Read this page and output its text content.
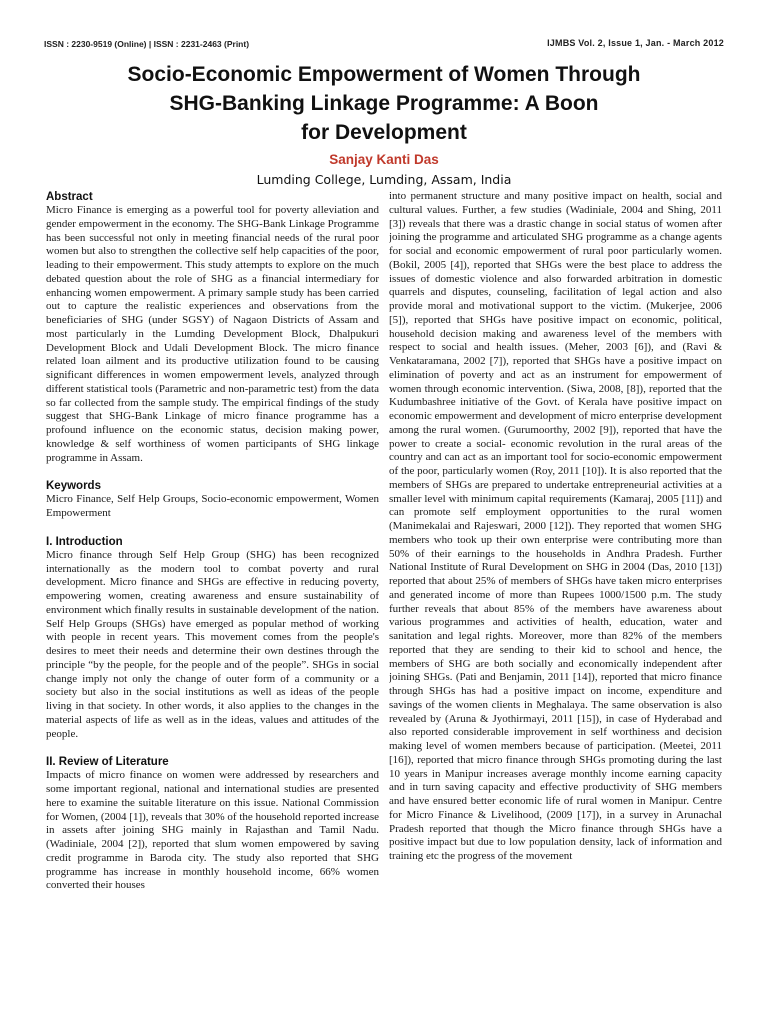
ISSN : 2230-9519 (Online) | ISSN : 2231-2463 (Print)	IJMBS Vol. 2, Issue 1, Jan. - March 2012
Socio-Economic Empowerment of Women Through
SHG-Banking Linkage Programme: A Boon
for Development
Sanjay Kanti Das
Lumding College, Lumding, Assam, India
Abstract

Micro Finance is emerging as a powerful tool for poverty alleviation and gender empowerment in the economy. The SHG-Bank Linkage Programme has been successful not only in meeting financial needs of the rural poor women but also to strengthen the collective self help capacities of the poor, leading to their empowerment. This study attempts to explore on the much debated question about the role of SHG as a financial intermediary for enhancing women empowerment. A primary sample study has been carried out to capture the realistic experiences and observations from the beneficiaries of SHG (under SGSY) of Nagaon Districts of Assam and most particularly in the Lumding Development Block, Dhalpukuri Development Block and Udali Development Block. The micro finance related loan ailment and its productive utilization found to be causing significant differences in women empowerment levels, analyzed through different statistical tools (Parametric and non-parametric test) from the data so far collected from the sample study. The empirical findings of the study suggest that SHG-Bank Linkage of micro finance programme has a profound influence on the economic status, decision making power, knowledge & self worthiness of women participants of SHG linkage programme in Assam.

Keywords

Micro Finance, Self Help Groups, Socio-economic empowerment, Women Empowerment

I. Introduction

Micro finance through Self Help Group (SHG) has been recognized internationally as the modern tool to combat poverty and rural development. Micro finance and SHGs are effective in reducing poverty, empowering women, creating awareness and ensure sustainability of environment which finally results in sustainable development of the nation. Self Help Groups (SHGs) have emerged as popular method of working with people in recent years. This movement comes from the people's desires to meet their needs and determine their own destines through the principle “by the people, for the people and of the people”. SHGs in social change imply not only the change of outer form of a community or a society but also in the social institutions as well as ideas of the people living in that society. In other words, it also applies to the changes in the material aspects of life as well as in the ideas, values and attitudes of the people.

II. Review of Literature

Impacts of micro finance on women were addressed by researchers and some important regional, national and international studies are presented here to examine the suitable literature on this issue. National Commission for Women, (2004 [1]), reveals that 30% of the household reported increase in assets after joining SHG mainly in Rajasthan and Tamil Nadu. (Wadiniale, 2004 [2]), reported that slum women empowered by saving credit programme in Baroda city. The study also reported that SHG programme has increase in monthly household income, 66% women converted their houses

into permanent structure and many positive impact on health, social and cultural values. Further, a few studies (Wadiniale, 2004 and Shing, 2011 [3]) reveals that there was a drastic change in social status of women after joining the programme and articulated SHG programme as a change agents for social and economic empowerment of rural poor particularly women. (Bokil, 2005 [4]), reported that SHGs were the best place to address the issues of domestic violence and also forwarded arbitration in domestic quarrels and disputes, counseling, facilitation of legal action and also provide moral and motivational support to the victim. (Mukerjee, 2006 [5]), reported that SHGs have positive impact on economic, political, household decision making and awareness level of the members with respect to social and health issues. (Meher, 2003 [6]), and (Ravi & Venkataramana, 2002 [7]), reported that SHGs have a positive impact on elimination of poverty and act as an instrument for empowerment of women through economic intervention. (Siwa, 2008, [8]), reported that the Kudumbashree initiative of the Govt. of Kerala have positive impact on economic empowerment and development of micro enterprise development among the rural women. (Gurumoorthy, 2002 [9]), reported that have the power to create a social- economic revolution in the rural areas of the country and can act as an important tool for socio-economic empowerment of the poor, particularly women (Roy, 2011 [10]). It is also reported that the members of SHGs are prepared to undertake entrepreneurial activities at a smaller level with minimum capital requirements (Kamaraj, 2005 [11]) and can promote self employment opportunities to the rural women (Manimekalai and Rajeswari, 2000 [12]). They reported that women SHG members who took up their own enterprise were contributing more than 50% of their earnings to the households in Andhra Pradesh. Further National Institute of Rural Development on SHG in 2004 (Das, 2010 [13]) reported that about 25% of members of SHGs have taken micro enterprises and generated income of more than Rupees 1000/1500 p.m. The study further reveals that about 85% of the members have awareness about various programmes and activities of health, education, water and sanitation and legal rights. Moreover, more than 82% of the members reported that they are sending to their kid to school and hence, the members of SHG are both socially and economically independent after joining SHGs. (Pati and Benjamin, 2011 [14]), reported that micro finance through SHGs has had a positive impact on income, expenditure and savings of the women clients in Meghalaya. The same observation is also revealed by (Aruna & Jyothirmayi, 2011 [15]), in case of Hyderabad and also reported considerable improvement in self worthiness and decision making level of women members because of participation. (Meetei, 2011 [16]), reported that micro finance through SHGs promoting during the last 10 years in Manipur increases average monthly income earning capacity and in turn saving capacity and effective productivity of SHG members and have ensured better economic life of rural women in Manipur. Centre for Micro Finance & Livelihood, (2009 [17]), in a survey in Arunachal Pradesh reported that though the Micro finance through SHGs have a positive impact but due to low population density, lack of information and training etc the progress of the movement
